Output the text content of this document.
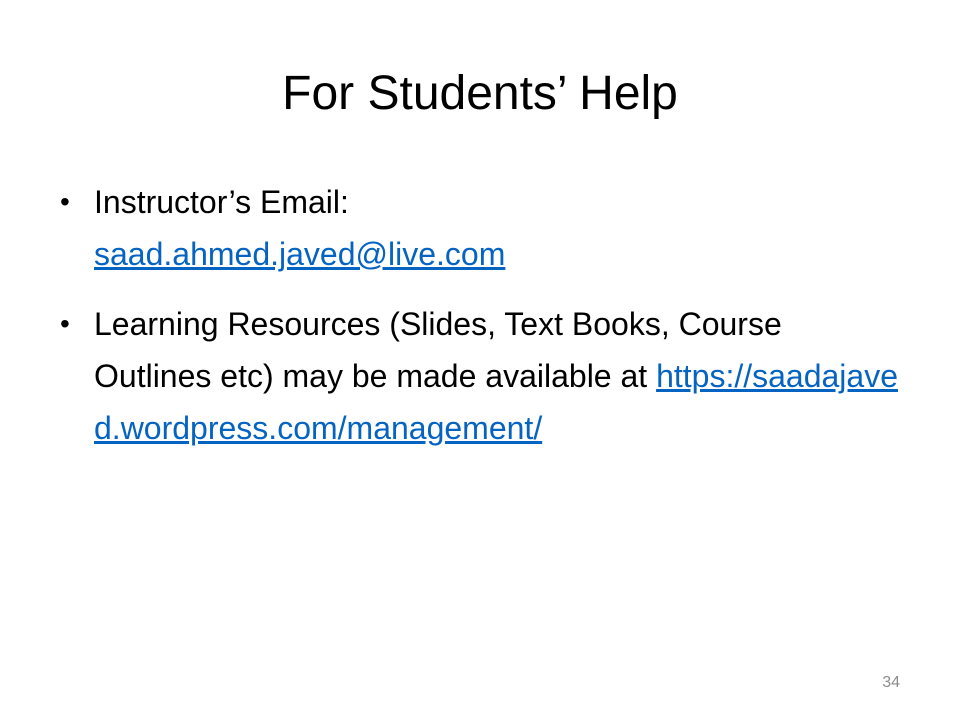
For Students’ Help
• Instructor’s Email:
saad.ahmed.javed@live.com
• Learning Resources (Slides, Text Books, Course Outlines etc) may be made available at https://saadajaved.wordpress.com/management/
34
